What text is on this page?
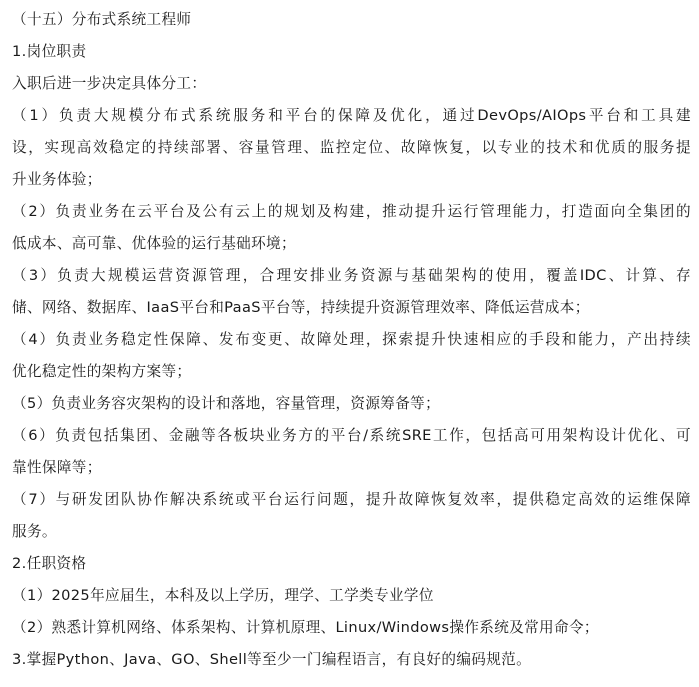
（十五）分布式系统工程师
1.岗位职责
入职后进一步决定具体分工：
（1）负责大规模分布式系统服务和平台的保障及优化，通过DevOps/AIOps平台和工具建
设，实现高效稳定的持续部署、容量管理、监控定位、故障恢复，以专业的技术和优质的服务提
升业务体验；
（2）负责业务在云平台及公有云上的规划及构建，推动提升运行管理能力，打造面向全集团的
低成本、高可靠、优体验的运行基础环境；
（3）负责大规模运营资源管理，合理安排业务资源与基础架构的使用，覆盖IDC、计算、存
储、网络、数据库、IaaS平台和PaaS平台等，持续提升资源管理效率、降低运营成本；
（4）负责业务稳定性保障、发布变更、故障处理，探索提升快速相应的手段和能力，产出持续
优化稳定性的架构方案等；
（5）负责业务容灾架构的设计和落地，容量管理，资源筹备等；
（6）负责包括集团、金融等各板块业务方的平台/系统SRE工作，包括高可用架构设计优化、可
靠性保障等；
（7）与研发团队协作解决系统或平台运行问题，提升故障恢复效率，提供稳定高效的运维保障
服务。
2.任职资格
（1）2025年应届生，本科及以上学历，理学、工学类专业学位
（2）熟悉计算机网络、体系架构、计算机原理、Linux/Windows操作系统及常用命令；
3.掌握Python、Java、GO、Shell等至少一门编程语言，有良好的编码规范。
